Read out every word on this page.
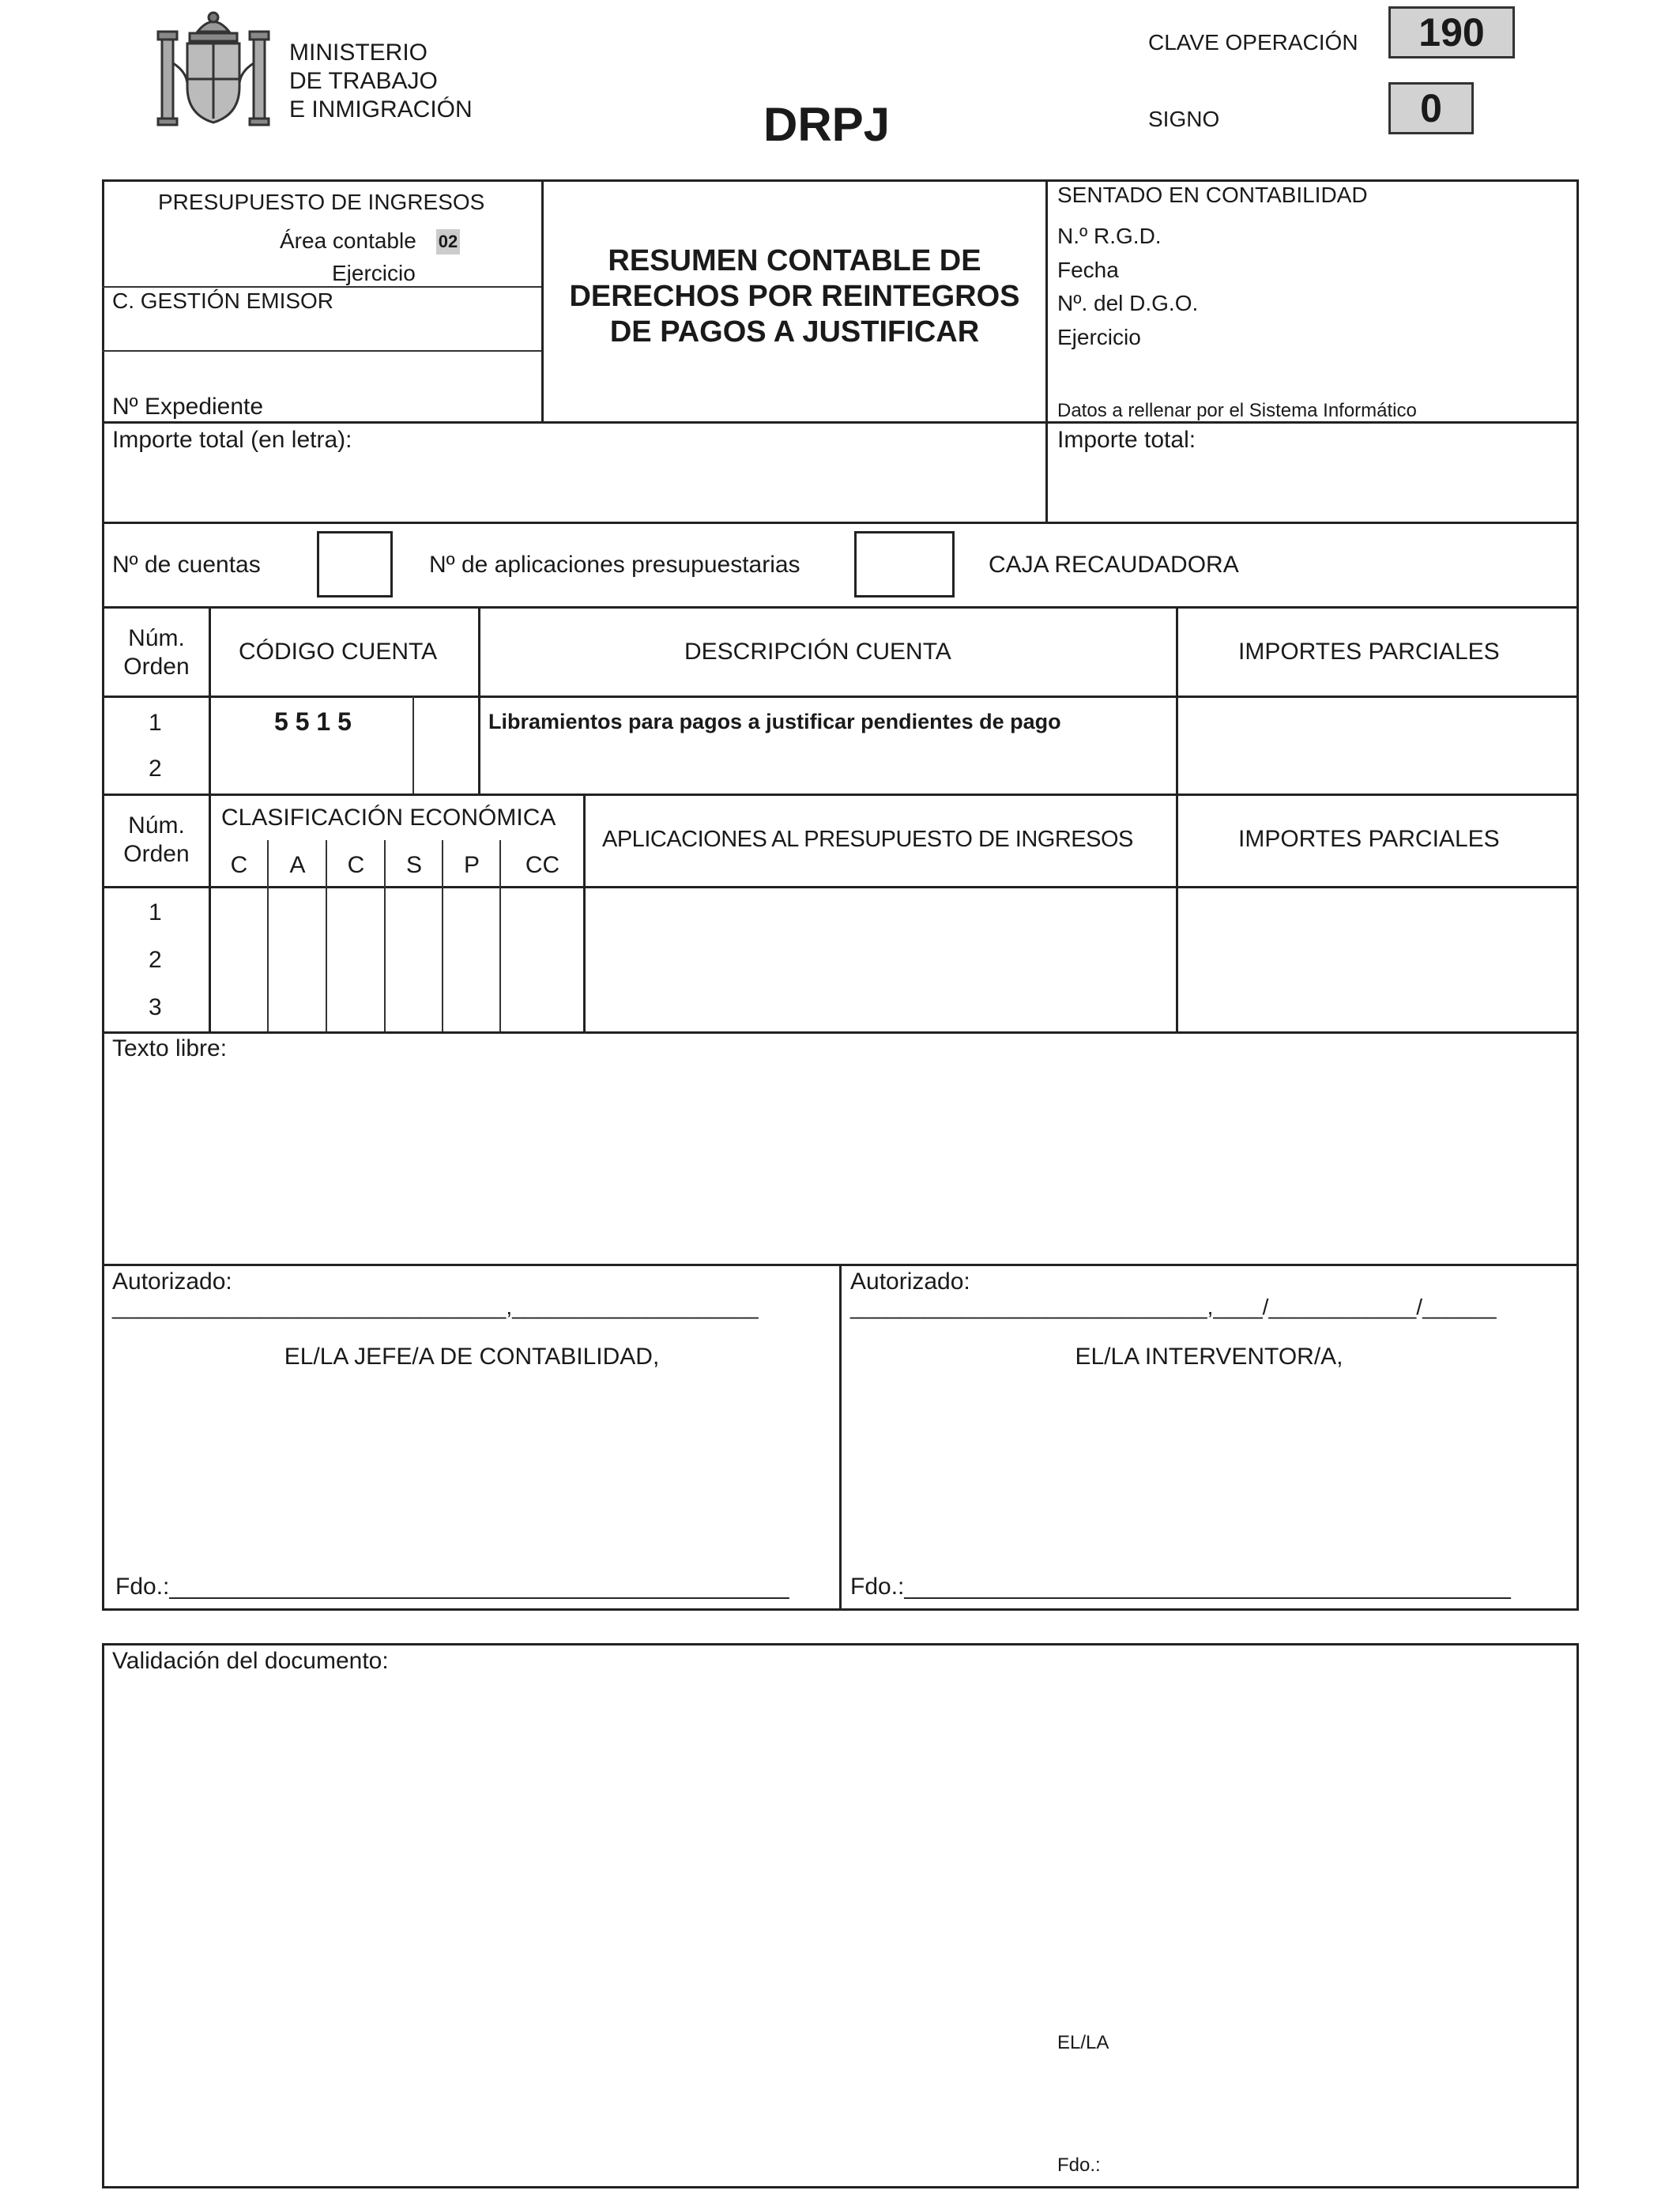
MINISTERIO
DE TRABAJO
E INMIGRACIÓN	DRPJ
CLAVE OPERACIÓN	190
SIGNO	0
PRESUPUESTO DE INGRESOS
Área contable 02
Ejercicio
C. GESTIÓN EMISOR
Nº Expediente
RESUMEN CONTABLE DE
DERECHOS POR REINTEGROS
DE PAGOS A JUSTIFICAR
SENTADO EN CONTABILIDAD
N.º R.G.D.
Fecha
Nº. del D.G.O.
Ejercicio
Datos a rellenar por el Sistema Informático
Importe total (en letra):	Importe total:
Nº de cuentas	Nº de aplicaciones presupuestarias	CAJA RECAUDADORA
Núm.
Orden
CÓDIGO CUENTA	DESCRIPCIÓN CUENTA	IMPORTES PARCIALES
1	5 5 1 5	Libramientos para pagos a justificar pendientes de pago
2
Núm.
Orden
CLASIFICACIÓN ECONÓMICA
C	A	C	S	P	CC
APLICACIONES AL PRESUPUESTO DE INGRESOS	IMPORTES PARCIALES
1
2
3
Texto libre:
Autorizado:
________________________________,____________________
EL/LA JEFE/A DE CONTABILIDAD,
Fdo.:_______________________________________________
Autorizado:
_____________________________,____/____________/______
EL/LA INTERVENTOR/A,
Fdo.:______________________________________________
Validación del documento:
EL/LA
Fdo.:
